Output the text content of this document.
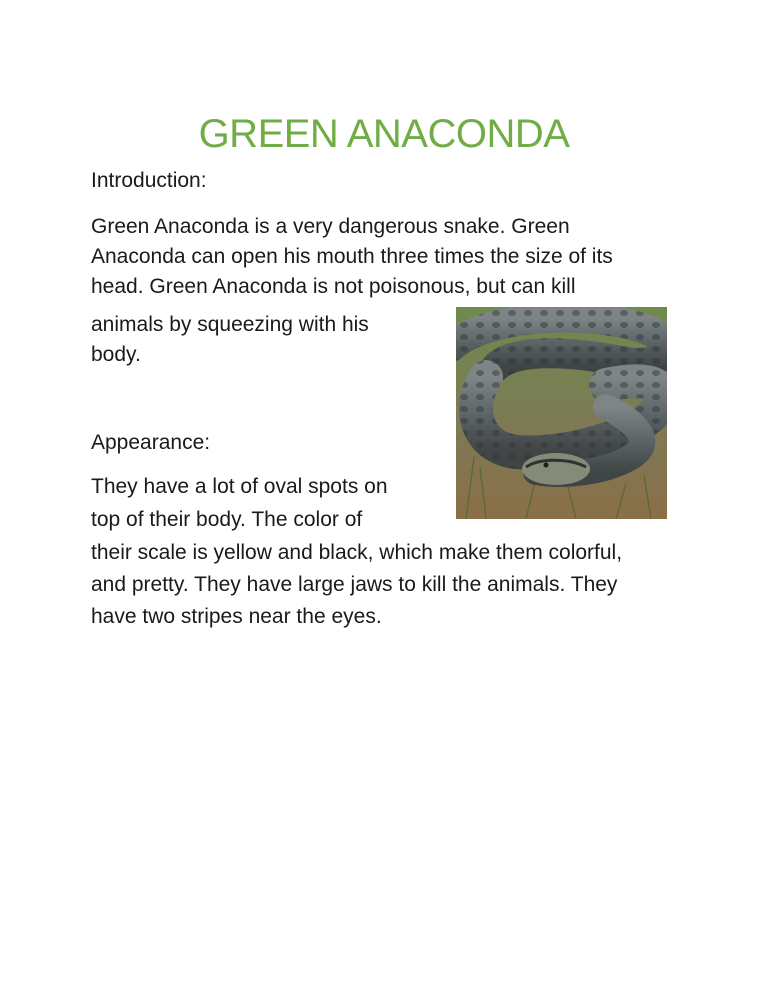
GREEN ANACONDA
Introduction:
Green Anaconda is a very dangerous snake. Green
Anaconda can open his mouth three times the size of its
head. Green Anaconda is not poisonous, but can kill
animals by squeezing with his
body.
Appearance:
They have a lot of oval spots on
top of their body. The color of
their scale is yellow and black, which make them colorful,
and pretty. They have large jaws to kill the animals. They
have two stripes near the eyes.
